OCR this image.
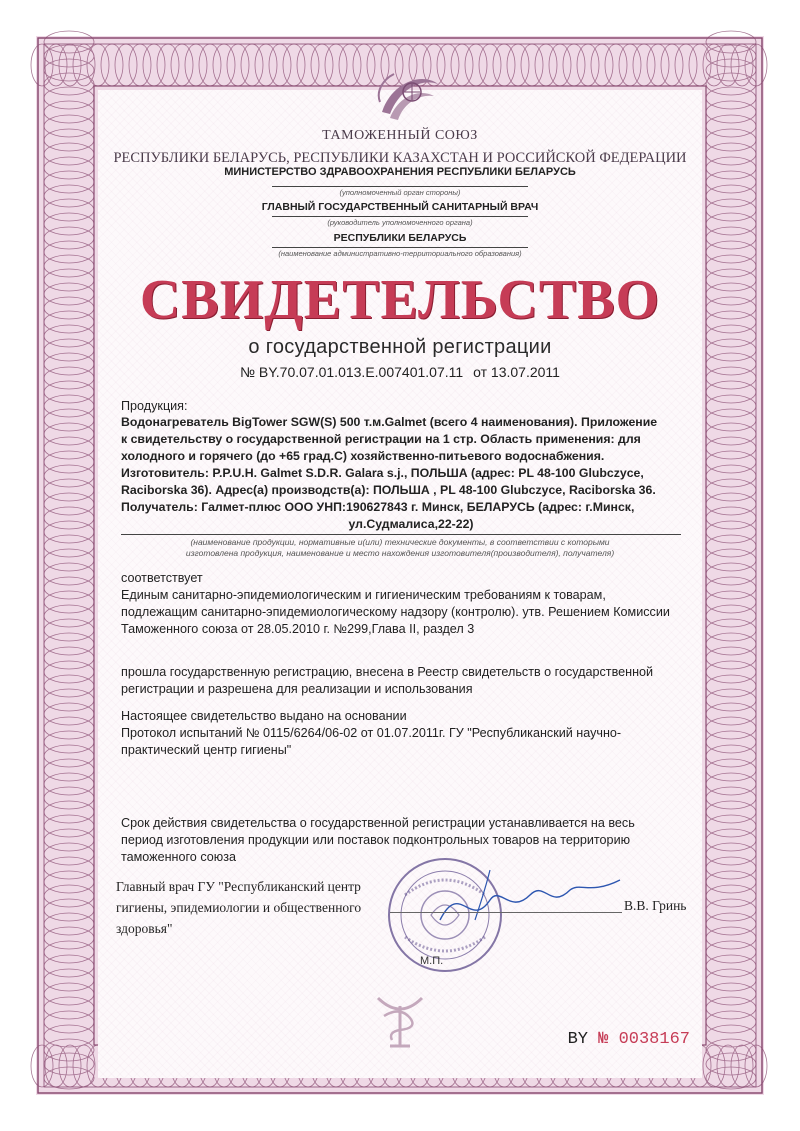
ТАМОЖЕННЫЙ СОЮЗ
РЕСПУБЛИКИ БЕЛАРУСЬ, РЕСПУБЛИКИ КАЗАХСТАН И РОССИЙСКОЙ ФЕДЕРАЦИИ
МИНИСТЕРСТВО ЗДРАВООХРАНЕНИЯ РЕСПУБЛИКИ БЕЛАРУСЬ
(уполномоченный орган стороны)
ГЛАВНЫЙ ГОСУДАРСТВЕННЫЙ САНИТАРНЫЙ ВРАЧ
(руководитель уполномоченного органа)
РЕСПУБЛИКИ БЕЛАРУСЬ
(наименование административно-территориального образования)
СВИДЕТЕЛЬСТВО
о государственной регистрации
№ BY.70.07.01.013.E.007401.07.11 от 13.07.2011
Продукция:
Водонагреватель BigTower SGW(S) 500 т.м.Galmet (всего 4 наименования). Приложение
к свидетельству о государственной регистрации на 1 стр. Область применения: для
холодного и горячего (до +65 град.С) хозяйственно-питьевого водоснабжения.
Изготовитель: P.P.U.H. Galmet S.D.R. Galara s.j., ПОЛЬША (адрес: PL 48-100 Glubczyce,
Raciborska 36). Адрес(а) производств(а): ПОЛЬША , PL 48-100 Glubczyce, Raciborska 36.
Получатель: Галмет-плюс ООО УНП:190627843 г. Минск, БЕЛАРУСЬ (адрес: г.Минск,
ул.Судмалиса,22-22)
(наименование продукции, нормативные и(или) технические документы, в соответствии с которыми
изготовлена продукция, наименование и место нахождения изготовителя(производителя), получателя)
соответствует
Единым санитарно-эпидемиологическим и гигиеническим требованиям к товарам,
подлежащим санитарно-эпидемиологическому надзору (контролю). утв. Решением Комиссии
Таможенного союза от 28.05.2010 г. №299,Глава II, раздел 3
прошла государственную регистрацию, внесена в Реестр свидетельств о государственной
регистрации и разрешена для реализации и использования
Настоящее свидетельство выдано на основании
Протокол испытаний № 0115/6264/06-02 от 01.07.2011г. ГУ "Республиканский научно-
практический центр гигиены"
Срок действия свидетельства о государственной регистрации устанавливается на весь
период изготовления продукции или поставок подконтрольных товаров на территорию
таможенного союза
Главный врач ГУ "Республиканский центр
гигиены, эпидемиологии и общественного
здоровья"
В.В. Гринь
М.П.
BY № 0038167
